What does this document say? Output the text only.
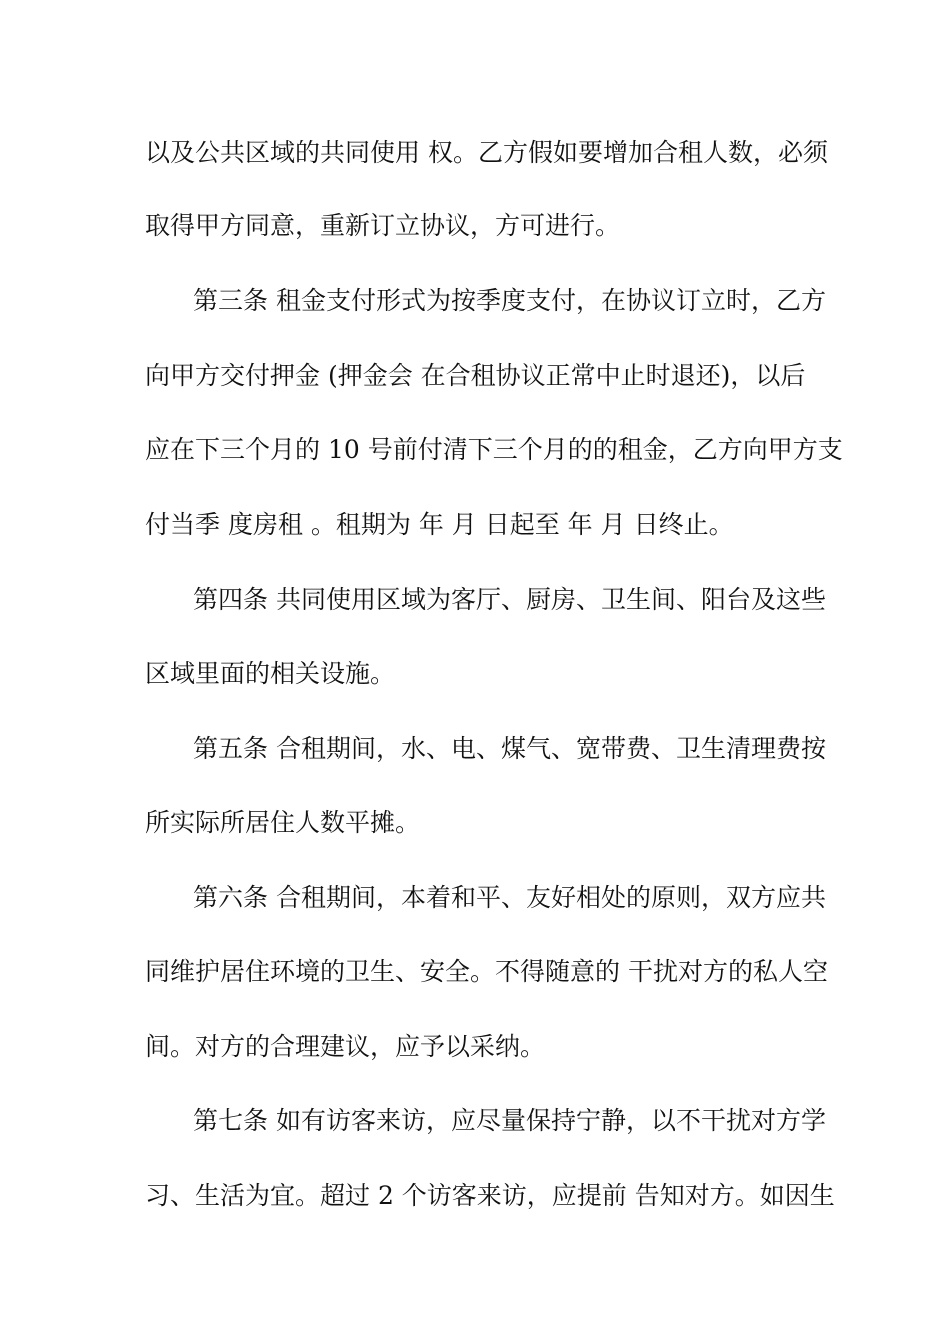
以及公共区域的共同使用 权。乙方假如要增加合租人数，必须
取得甲方同意，重新订立协议，方可进行。
第三条 租金支付形式为按季度支付，在协议订立时，乙方
向甲方交付押金 (押金会 在合租协议正常中止时退还)，以后
应在下三个月的 10 号前付清下三个月的的租金，乙方向甲方支
付当季 度房租 。租期为 年 月 日起至 年 月 日终止。
第四条 共同使用区域为客厅、厨房、卫生间、阳台及这些
区域里面的相关设施。
第五条 合租期间，水、电、煤气、宽带费、卫生清理费按
所实际所居住人数平摊。
第六条 合租期间，本着和平、友好相处的原则，双方应共
同维护居住环境的卫生、安全。不得随意的 干扰对方的私人空
间。对方的合理建议，应予以采纳。
第七条 如有访客来访，应尽量保持宁静，以不干扰对方学
习、生活为宜。超过 2 个访客来访，应提前 告知对方。如因生
